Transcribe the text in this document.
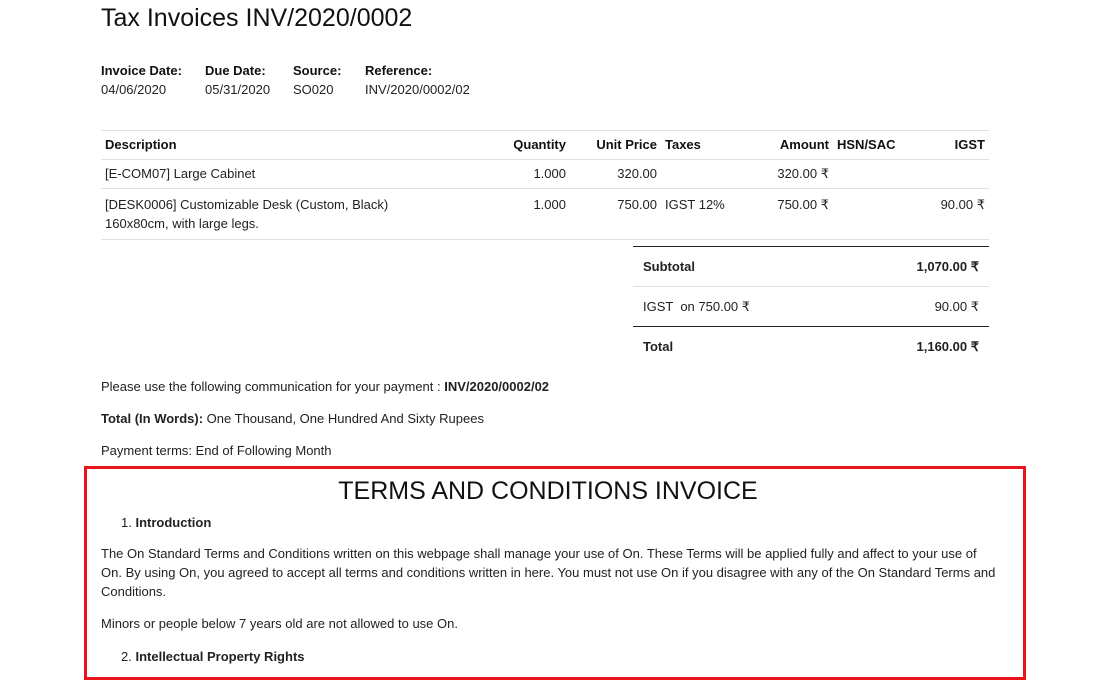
Tax Invoices INV/2020/0002
Invoice Date:
04/06/2020
Due Date:
05/31/2020
Source:
SO020
Reference:
INV/2020/0002/02
Description	Quantity	Unit Price	Taxes	Amount	HSN/SAC	IGST
[E-COM07] Large Cabinet	1.000	320.00		320.00 ₹		
[DESK0006] Customizable Desk (Custom, Black)
160x80cm, with large legs.	1.000	750.00	IGST 12%	750.00 ₹		90.00 ₹
Subtotal	1,070.00 ₹
IGST  on 750.00 ₹	90.00 ₹
Total	1,160.00 ₹
Please use the following communication for your payment : INV/2020/0002/02
Total (In Words): One Thousand, One Hundred And Sixty Rupees
Payment terms: End of Following Month
TERMS AND CONDITIONS INVOICE
1. Introduction
The On Standard Terms and Conditions written on this webpage shall manage your use of On. These Terms will be applied fully and affect to your use of On. By using On, you agreed to accept all terms and conditions written in here. You must not use On if you disagree with any of the On Standard Terms and Conditions.
Minors or people below 7 years old are not allowed to use On.
2. Intellectual Property Rights
